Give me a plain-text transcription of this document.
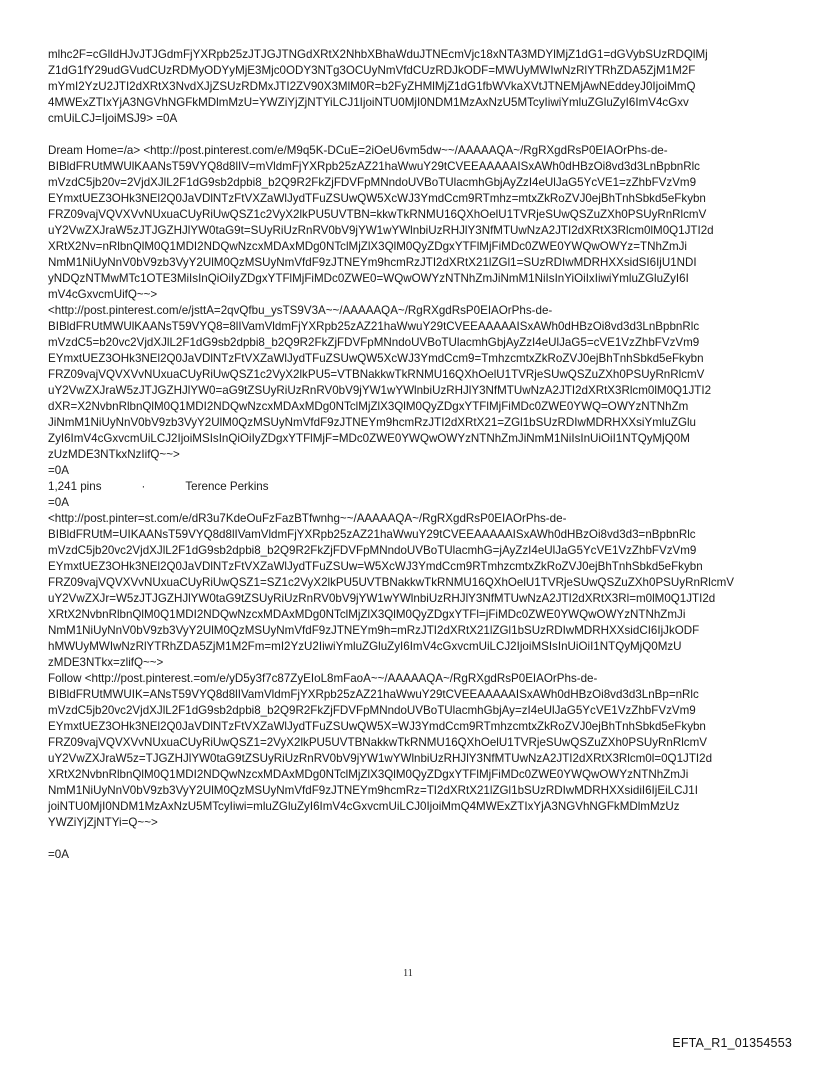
mlhc2F=cGlldHJvJTJGdmFjYXRpb25zJTJGJTNGdXRtX2NhbXBhaWduJTNEcmVjc18xNTA3MDYlMjZ1dG1=dGVybSUzRDQlMj
Z1dG1fY29udGVudCUzRDMyODYyMjE3Mjc0ODY3NTg3OCUyNmVfdCUzRDJkODF=MWUyMWIwNzRlYTRhZDA5ZjM1M2F
mYmI2YzU2JTI2dXRtX3NvdXJjZSUzRDMxJTI2ZV90X3MlM0R=b2FyZHMlMjZ1dG1fbWVkaXVtJTNEMjAwNEddeyJ0IjoiMmQ
4MWExZTIxYjA3NGVhNGFkMDlmMzU=YWZiYjZjNTYiLCJ1IjoiNTU0MjI0NDM1MzAxNzU5MTcyIiwiYmluZGluZyI6ImV4cGxv
cmUiLCJ=IjoiMSJ9> =0A
Dream Home=/a> <http://post.pinterest.com/e/M9q5K-DCuE=2iOeU6vm5dw~~/AAAAAQA~/RgRXgdRsP0EIAOrPhs-de-
BIBldFRUtMWUlKAANsT59VYQ8d8lIV=mVldmFjYXRpb25zAZ21haWwuY29tCVEEAAAAAISxAWh0dHBzOi8vd3d3LnBpbnRlc
mVzdC5jb20v=2VjdXJlL2F1dG9sb2dpbi8_b2Q9R2FkZjFDVFpMNndoUVBoTUlacmhGbjAyZzI4eUlJaG5YcVE1=zZhbFVzVm9
EYmxtUEZ3OHk3NEl2Q0JaVDlNTzFtVXZaWlJydTFuZSUwQW5XcWJ3YmdCcm9RTmhz=mtxZkRoZVJ0ejBhTnhSbkd5eFkybn
FRZ09vajVQVXVvNUxuaCUyRiUwQSZ1c2VyX2lkPU5UVTBN=kkwTkRNMU16QXhOelU1TVRjeSUwQSZuZXh0PSUyRnRlcmV
uY2VwZXJraW5zJTJGZHJlYW0taG9t=SUyRiUzRnRV0bV9jYW1wYWlnbiUzRHJlY3NfMTUwNzA2JTI2dXRtX3Rlcm0lM0Q1JTI2d
XRtX2Nv=nRlbnQlM0Q1MDI2NDQwNzcxMDAxMDg0NTclMjZlX3QlM0QyZDgxYTFlMjFiMDc0ZWE0YWQwOWYz=TNhZmJi
NmM1NiUyNnV0bV9zb3VyY2UlM0QzMSUyNmVfdF9zJTNEYm9hcmRzJTI2dXRtX21lZGl1=SUzRDIwMDRHXXsidSI6IjU1NDI
yNDQzNTMwMTc1OTE3MiIsInQiOiIyZDgxYTFlMjFiMDc0ZWE0=WQwOWYzNTNhZmJiNmM1NiIsInYiOiIxIiwiYmluZGluZyI6I
mV4cGxvcmUifQ~~>
<http://post.pinterest.com/e/jsttA=2qvQfbu_ysTS9V3A~~/AAAAAQA~/RgRXgdRsP0EIAOrPhs-de-
BIBldFRUtMWUlKAANsT59VYQ8=8lIVamVldmFjYXRpb25zAZ21haWwuY29tCVEEAAAAAISxAWh0dHBzOi8vd3d3LnBpbnRlc
mVzdC5=b20vc2VjdXJlL2F1dG9sb2dpbi8_b2Q9R2FkZjFDVFpMNndoUVBoTUlacmhGbjAyZzI4eUlJaG5=cVE1VzZhbFVzVm9
EYmxtUEZ3OHk3NEl2Q0JaVDlNTzFtVXZaWlJydTFuZSUwQW5XcWJ3YmdCcm9=TmhzcmtxZkRoZVJ0ejBhTnhSbkd5eFkybn
FRZ09vajVQVXVvNUxuaCUyRiUwQSZ1c2VyX2lkPU5=VTBNakkwTkRNMU16QXhOelU1TVRjeSUwQSZuZXh0PSUyRnRlcmV
uY2VwZXJraW5zJTJGZHJlYW0=aG9tZSUyRiUzRnRV0bV9jYW1wYWlnbiUzRHJlY3NfMTUwNzA2JTI2dXRtX3Rlcm0lM0Q1JTI2
dXR=X2NvbnRlbnQlM0Q1MDI2NDQwNzcxMDAxMDg0NTclMjZlX3QlM0QyZDgxYTFlMjFiMDc0ZWE0YWQ=OWYzNTNhZm
JiNmM1NiUyNnV0bV9zb3VyY2UlM0QzMSUyNmVfdF9zJTNEYm9hcmRzJTI2dXRtX21=ZGl1bSUzRDIwMDRHXXsiYmluZGlu
ZyI6ImV4cGxvcmUiLCJ2IjoiMSIsInQiOiIyZDgxYTFlMjF=MDc0ZWE0YWQwOWYzNTNhZmJiNmM1NiIsInUiOiI1NTQyMjQ0M
zUzMDE3NTkxNzIifQ~~>
=0A
1,241 pins	·	Terence Perkins
=0A
<http://post.pinter=st.com/e/dR3u7KdeOuFzFazBTfwnhg~~/AAAAAQA~/RgRXgdRsP0EIAOrPhs-de-
BIBldFRUtM=UIKAANsT59VYQ8d8lIVamVldmFjYXRpb25zAZ21haWwuY29tCVEEAAAAAISxAWh0dHBzOi8vd3d3=nBpbnRlc
mVzdC5jb20vc2VjdXJlL2F1dG9sb2dpbi8_b2Q9R2FkZjFDVFpMNndoUVBoTUlacmhG=jAyZzI4eUlJaG5YcVE1VzZhbFVzVm9
EYmxtUEZ3OHk3NEl2Q0JaVDlNTzFtVXZaWlJydTFuZSUw=W5XcWJ3YmdCcm9RTmhzcmtxZkRoZVJ0ejBhTnhSbkd5eFkybn
FRZ09vajVQVXVvNUxuaCUyRiUwQSZ1=SZ1c2VyX2lkPU5UVTBNakkwTkRNMU16QXhOelU1TVRjeSUwQSZuZXh0PSUyRnRlcmV
uY2VwZXJr=W5zJTJGZHJlYW0taG9tZSUyRiUzRnRV0bV9jYW1wYWlnbiUzRHJlY3NfMTUwNzA2JTI2dXRtX3Rl=m0lM0Q1JTI2d
XRtX2NvbnRlbnQlM0Q1MDI2NDQwNzcxMDAxMDg0NTclMjZlX3QlM0QyZDgxYTFl=jFiMDc0ZWE0YWQwOWYzNTNhZmJi
NmM1NiUyNnV0bV9zb3VyY2UlM0QzMSUyNmVfdF9zJTNEYm9h=mRzJTI2dXRtX21lZGl1bSUzRDIwMDRHXXsidCI6IjJkODF
hMWUyMWIwNzRlYTRhZDA5ZjM1M2Fm=mI2YzU2IiwiYmluZGluZyI6ImV4cGxvcmUiLCJ2IjoiMSIsInUiOiI1NTQyMjQ0MzU
zMDE3NTkx=zlifQ~~>
Follow <http://post.pinterest.=om/e/yD5y3f7c87ZyEIoL8mFaoA~~/AAAAAQA~/RgRXgdRsP0EIAOrPhs-de-
BIBldFRUtMWUIK=ANsT59VYQ8d8lIVamVldmFjYXRpb25zAZ21haWwuY29tCVEEAAAAAISxAWh0dHBzOi8vd3d3LnBp=nRlc
mVzdC5jb20vc2VjdXJlL2F1dG9sb2dpbi8_b2Q9R2FkZjFDVFpMNndoUVBoTUlacmhGbjAy=zI4eUlJaG5YcVE1VzZhbFVzVm9
EYmxtUEZ3OHk3NEl2Q0JaVDlNTzFtVXZaWlJydTFuZSUwQW5X=WJ3YmdCcm9RTmhzcmtxZkRoZVJ0ejBhTnhSbkd5eFkybn
FRZ09vajVQVXVvNUxuaCUyRiUwQSZ1=2VyX2lkPU5UVTBNakkwTkRNMU16QXhOelU1TVRjeSUwQSZuZXh0PSUyRnRlcmV
uY2VwZXJraW5z=TJGZHJlYW0taG9tZSUyRiUzRnRV0bV9jYW1wYWlnbiUzRHJlY3NfMTUwNzA2JTI2dXRtX3Rlcm0l=0Q1JTI2d
XRtX2NvbnRlbnQlM0Q1MDI2NDQwNzcxMDAxMDg0NTclMjZlX3QlM0QyZDgxYTFlMjFiMDc0ZWE0YWQwOWYzNTNhZmJi
NmM1NiUyNnV0bV9zb3VyY2UlM0QzMSUyNmVfdF9zJTNEYm9hcmRz=TI2dXRtX21lZGl1bSUzRDIwMDRHXXsidiI6IjEiLCJ1I
joiNTU0MjI0NDM1MzAxNzU5MTcyIiwi=mluZGluZyI6ImV4cGxvcmUiLCJ0IjoiMmQ4MWExZTIxYjA3NGVhNGFkMDlmMzUz
YWZiYjZjNTYi=Q~~>
=0A
11
EFTA_R1_01354553
